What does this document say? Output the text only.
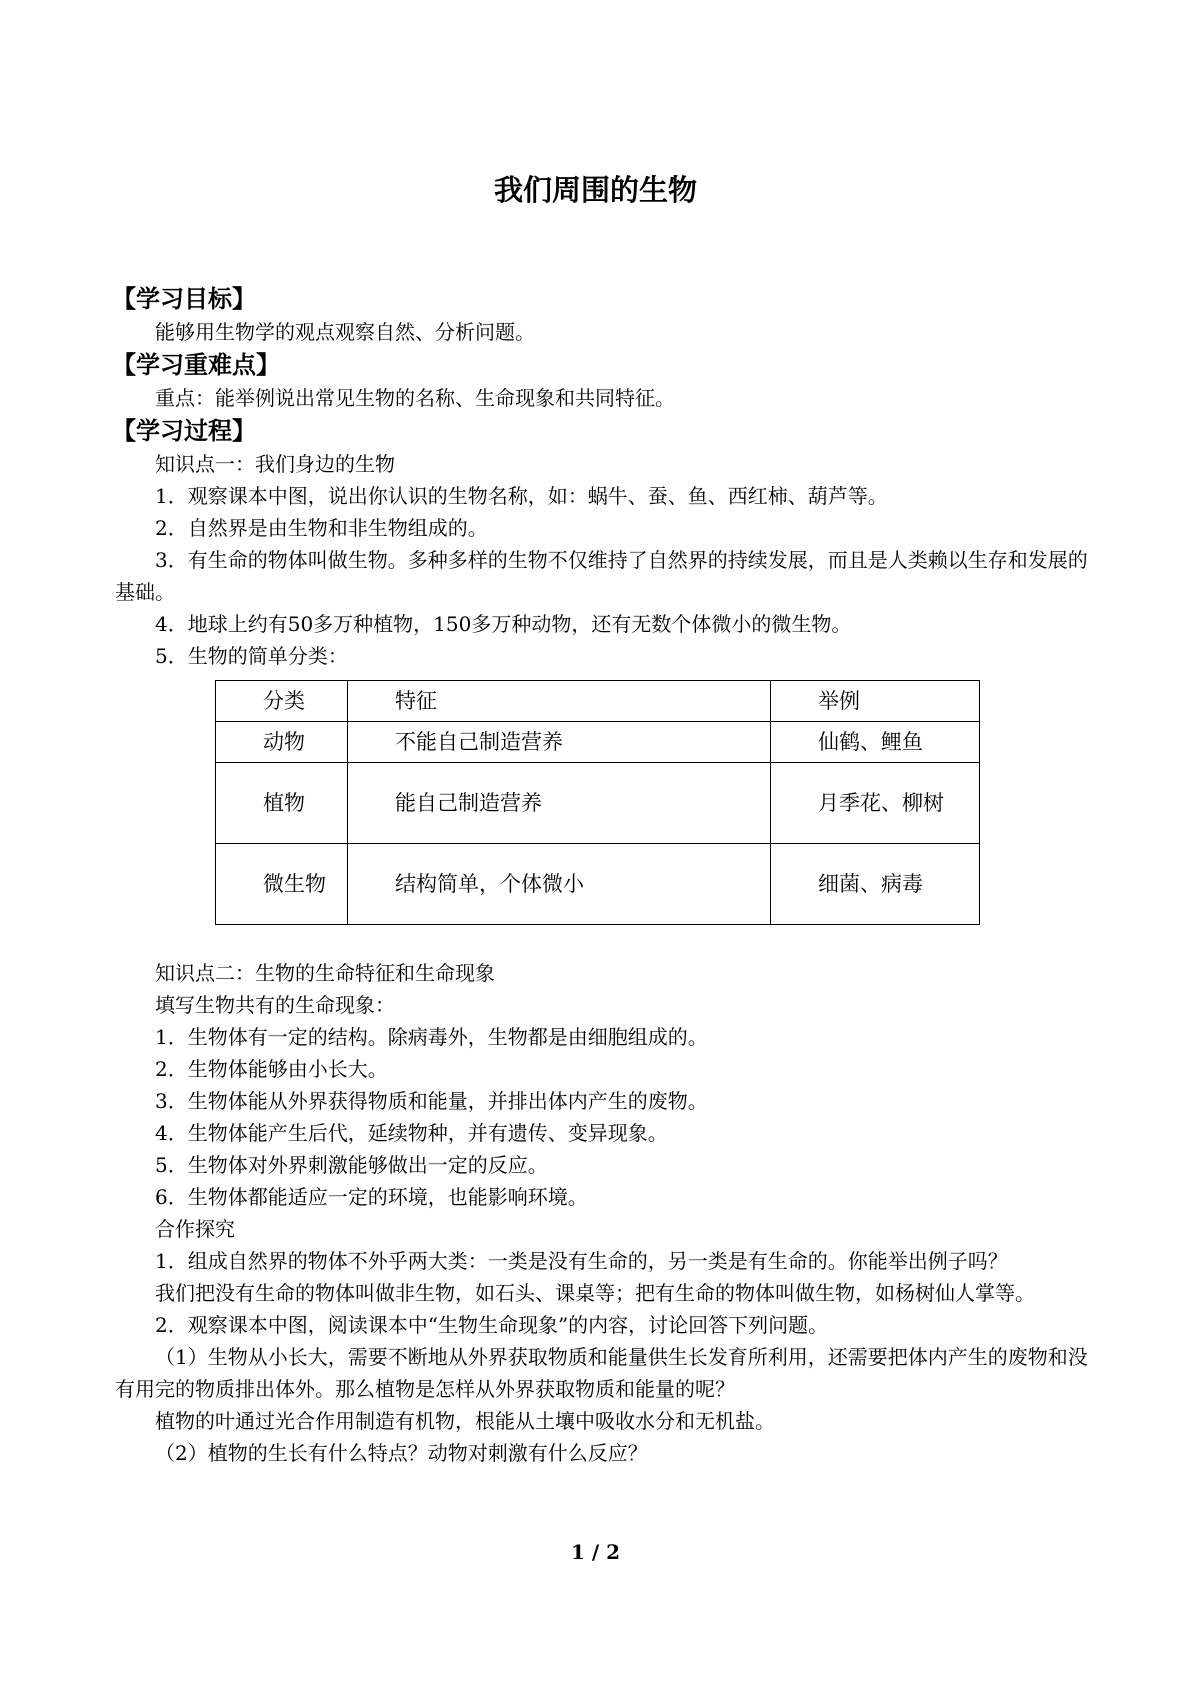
我们周围的生物
【学习目标】

能够用生物学的观点观察自然、分析问题。

【学习重难点】

重点：能举例说出常见生物的名称、生命现象和共同特征。

【学习过程】

知识点一：我们身边的生物

1．观察课本中图，说出你认识的生物名称，如：蜗牛、蚕、鱼、西红柿、葫芦等。

2．自然界是由生物和非生物组成的。

3．有生命的物体叫做生物。多种多样的生物不仅维持了自然界的持续发展，而且是人类赖以生存和发展的基础。

4．地球上约有50多万种植物，150多万种动物，还有无数个体微小的微生物。

5．生物的简单分类：

分类	特征	举例
动物	不能自己制造营养	仙鹤、鲤鱼
植物	能自己制造营养	月季花、柳树
微生物	结构简单，个体微小	细菌、病毒

知识点二：生物的生命特征和生命现象

填写生物共有的生命现象：

1．生物体有一定的结构。除病毒外，生物都是由细胞组成的。

2．生物体能够由小长大。

3．生物体能从外界获得物质和能量，并排出体内产生的废物。

4．生物体能产生后代，延续物种，并有遗传、变异现象。

5．生物体对外界刺激能够做出一定的反应。

6．生物体都能适应一定的环境，也能影响环境。

合作探究

1．组成自然界的物体不外乎两大类：一类是没有生命的，另一类是有生命的。你能举出例子吗？

我们把没有生命的物体叫做非生物，如石头、课桌等；把有生命的物体叫做生物，如杨树仙人掌等。

2．观察课本中图，阅读课本中“生物生命现象”的内容，讨论回答下列问题。

（1）生物从小长大，需要不断地从外界获取物质和能量供生长发育所利用，还需要把体内产生的废物和没有用完的物质排出体外。那么植物是怎样从外界获取物质和能量的呢？

植物的叶通过光合作用制造有机物，根能从土壤中吸收水分和无机盐。

（2）植物的生长有什么特点？动物对刺激有什么反应？

1 / 2
